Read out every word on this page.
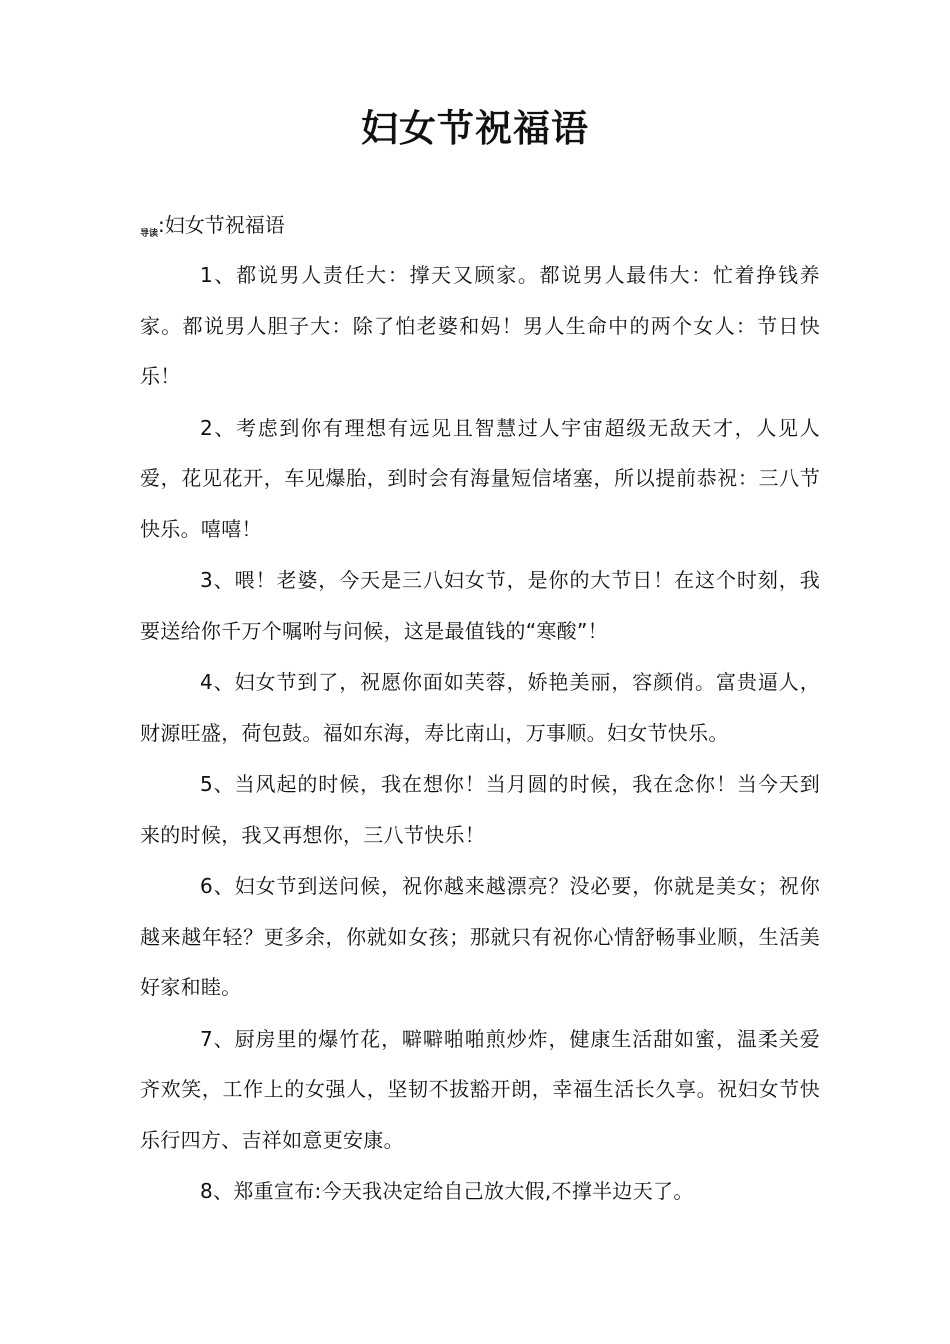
妇女节祝福语
$_{导读}$:妇女节祝福语

1、都说男人责任大：撑天又顾家。都说男人最伟大：忙着挣钱养家。都说男人胆子大：除了怕老婆和妈！男人生命中的两个女人：节日快乐！

2、考虑到你有理想有远见且智慧过人宇宙超级无敌天才，人见人爱，花见花开，车见爆胎，到时会有海量短信堵塞，所以提前恭祝：三八节快乐。嘻嘻！

3、喂！老婆，今天是三八妇女节，是你的大节日！在这个时刻，我要送给你千万个嘱咐与问候，这是最值钱的“寒酸”！

4、妇女节到了，祝愿你面如芙蓉，娇艳美丽，容颜俏。富贵逼人，财源旺盛，荷包鼓。福如东海，寿比南山，万事顺。妇女节快乐。

5、当风起的时候，我在想你！当月圆的时候，我在念你！当今天到来的时候，我又再想你，三八节快乐！

6、妇女节到送问候，祝你越来越漂亮？没必要，你就是美女；祝你越来越年轻？更多余，你就如女孩；那就只有祝你心情舒畅事业顺，生活美好家和睦。

7、厨房里的爆竹花，噼噼啪啪煎炒炸，健康生活甜如蜜，温柔关爱齐欢笑，工作上的女强人，坚韧不拔豁开朗，幸福生活长久享。祝妇女节快乐行四方、吉祥如意更安康。

8、郑重宣布:今天我决定给自己放大假,不撑半边天了。
